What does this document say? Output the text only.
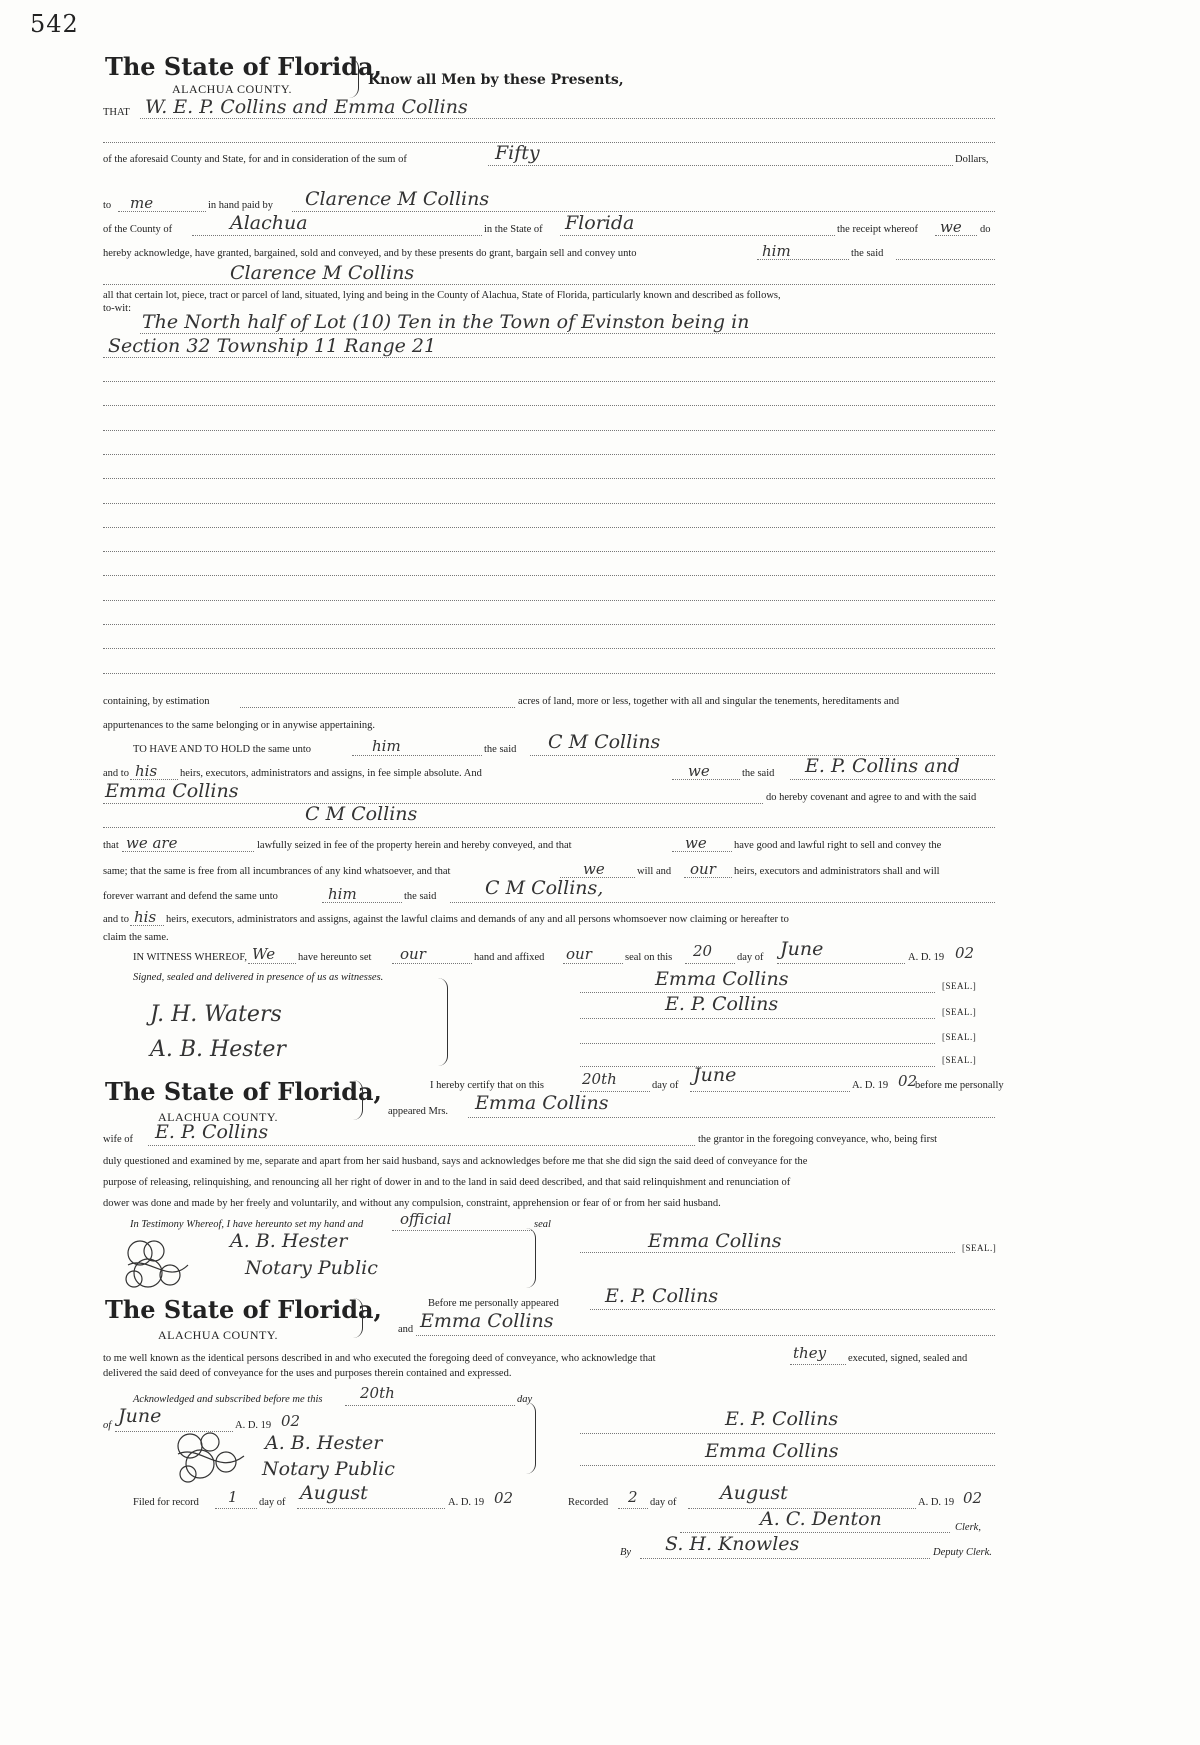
542
The State of Florida,
ALACHUA COUNTY.
Know all Men by these Presents,
THAT W. E. P. Collins and Emma Collins
of the aforesaid County and State, for and in consideration of the sum of	Fifty	Dollars,
to me	in hand paid by Clarence M Collins
of the County of	Alachua	in the State of Florida	the receipt whereof we do
hereby acknowledge, have granted, bargained, sold and conveyed, and by these presents do grant, bargain sell and convey unto	him	the said
Clarence M Collins
all that certain lot, piece, tract or parcel of land, situated, lying and being in the County of Alachua, State of Florida, particularly known and described as follows,
to-wit:
The North half of Lot (10) Ten in the Town of Evinston being in
Section 32 Township 11 Range 21
containing, by estimation	acres of land, more or less, together with all and singular the tenements, hereditaments and
appurtenances to the same belonging or in anywise appertaining.
TO HAVE AND TO HOLD the same unto	him	the said C M Collins
and to his heirs, executors, administrators and assigns, in fee simple absolute. And	we	the said E. P. Collins and
Emma Collins	do hereby covenant and agree to and with the said
C M Collins
that we are	lawfully seized in fee of the property herein and hereby conveyed, and that	we	have good and lawful right to sell and convey the
same; that the same is free from all incumbrances of any kind whatsoever, and that	we	will and our heirs, executors and administrators shall and will
forever warrant and defend the same unto	him	the said	C M Collins,
and to his heirs, executors, administrators and assigns, against the lawful claims and demands of any and all persons whomsoever now claiming or hereafter to
claim the same.
IN WITNESS WHEREOF, We have hereunto set our	hand and affixed our	seal on this 20 day of June	A. D. 19 02
Signed, sealed and delivered in presence of us as witnesses.
J. H. Waters
A. B. Hester
Emma Collins	[SEAL.]
E. P. Collins	[SEAL.]
[SEAL.]
[SEAL.]
The State of Florida,
ALACHUA COUNTY.
I hereby certify that on this	20th	day of June	A. D. 19 02
before me personally
appeared Mrs. Emma Collins
wife of E. P. Collins	the grantor in the foregoing conveyance, who, being first
duly questioned and examined by me, separate and apart from her said husband, says and acknowledges before me that she did sign the said deed of conveyance for the
purpose of releasing, relinquishing, and renouncing all her right of dower in and to the land in said deed described, and that said relinquishment and renunciation of
dower was done and made by her freely and voluntarily, and without any compulsion, constraint, apprehension or fear of or from her said husband.
In Testimony Whereof, I have hereunto set my hand and official	seal
A. B. Hester
Notary Public
Emma Collins	[SEAL.]
The State of Florida,
ALACHUA COUNTY.
Before me personally appeared E. P. Collins
and Emma Collins
to me well known as the identical persons described in and who executed the foregoing deed of conveyance, who acknowledge that	they executed, signed, sealed and
delivered the said deed of conveyance for the uses and purposes therein contained and expressed.
Acknowledged and subscribed before me this	20th	day
of June	A. D. 19 02
A. B. Hester
Notary Public
E. P. Collins
Emma Collins
Filed for record 1 day of August	A. D. 19 02	Recorded 2 day of August	A. D. 19 02
A. C. Denton	Clerk,
By S. H. Knowles	Deputy Clerk.
